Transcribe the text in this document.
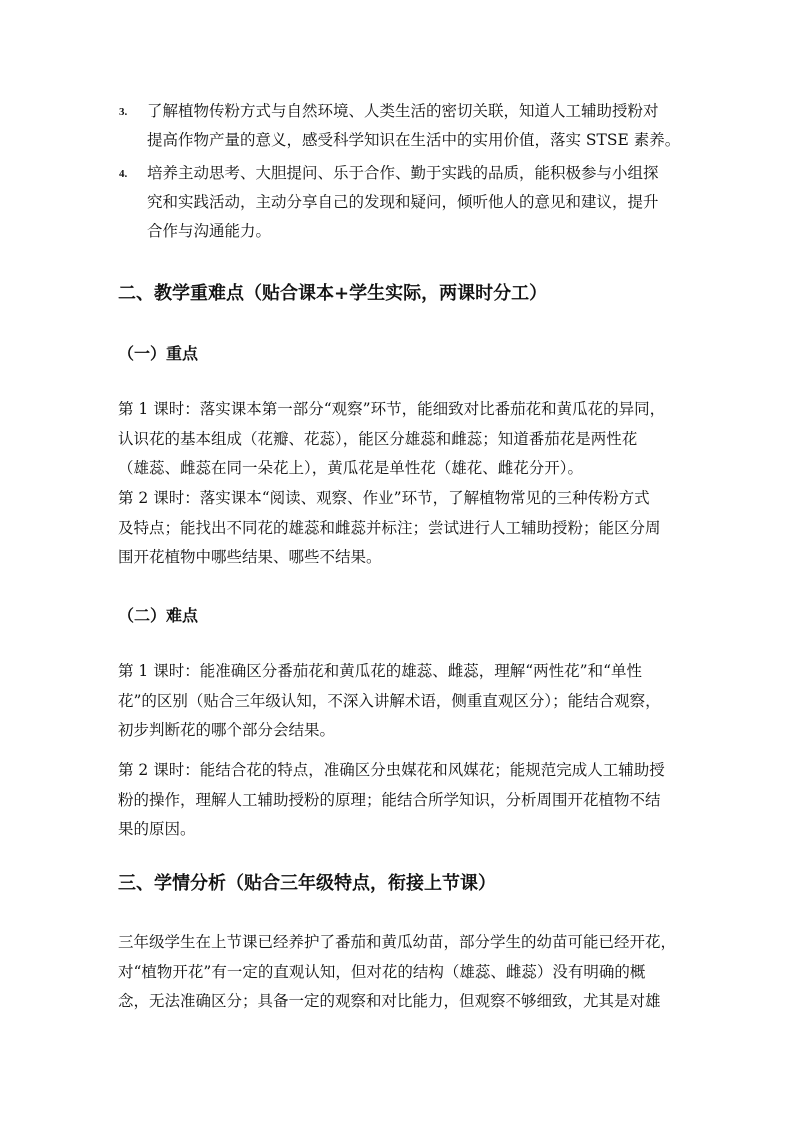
3. 了解植物传粉方式与自然环境、人类生活的密切关联，知道人工辅助授粉对
提高作物产量的意义，感受科学知识在生活中的实用价值，落实 STSE 素养。
4. 培养主动思考、大胆提问、乐于合作、勤于实践的品质，能积极参与小组探
究和实践活动，主动分享自己的发现和疑问，倾听他人的意见和建议，提升
合作与沟通能力。
二、教学重难点（贴合课本+学生实际，两课时分工）
（一）重点
第 1 课时：落实课本第一部分“观察”环节，能细致对比番茄花和黄瓜花的异同，
认识花的基本组成（花瓣、花蕊），能区分雄蕊和雌蕊；知道番茄花是两性花
（雄蕊、雌蕊在同一朵花上），黄瓜花是单性花（雄花、雌花分开）。
第 2 课时：落实课本“阅读、观察、作业”环节，了解植物常见的三种传粉方式
及特点；能找出不同花的雄蕊和雌蕊并标注；尝试进行人工辅助授粉；能区分周
围开花植物中哪些结果、哪些不结果。
（二）难点
第 1 课时：能准确区分番茄花和黄瓜花的雄蕊、雌蕊，理解“两性花”和“单性
花”的区别（贴合三年级认知，不深入讲解术语，侧重直观区分）；能结合观察，
初步判断花的哪个部分会结果。
第 2 课时：能结合花的特点，准确区分虫媒花和风媒花；能规范完成人工辅助授
粉的操作，理解人工辅助授粉的原理；能结合所学知识，分析周围开花植物不结
果的原因。
三、学情分析（贴合三年级特点，衔接上节课）
三年级学生在上节课已经养护了番茄和黄瓜幼苗，部分学生的幼苗可能已经开花，
对“植物开花”有一定的直观认知，但对花的结构（雄蕊、雌蕊）没有明确的概
念，无法准确区分；具备一定的观察和对比能力，但观察不够细致，尤其是对雄
